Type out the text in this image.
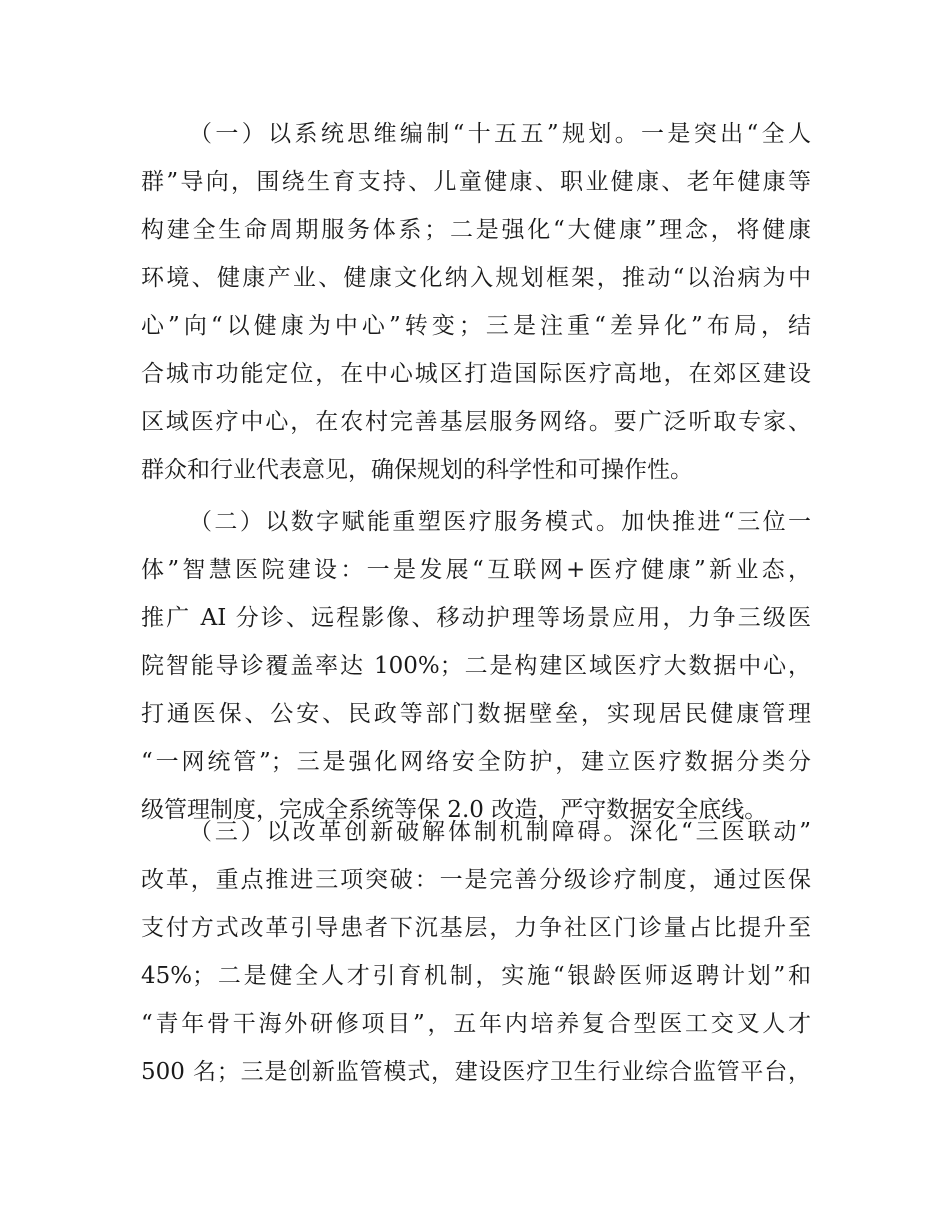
（一）以系统思维编制“十五五”规划。一是突出“全人
群”导向，围绕生育支持、儿童健康、职业健康、老年健康等
构建全生命周期服务体系；二是强化“大健康”理念，将健康
环境、健康产业、健康文化纳入规划框架，推动“以治病为中
心”向“以健康为中心”转变；三是注重“差异化”布局，结
合城市功能定位，在中心城区打造国际医疗高地，在郊区建设
区域医疗中心，在农村完善基层服务网络。要广泛听取专家、
群众和行业代表意见，确保规划的科学性和可操作性。
（二）以数字赋能重塑医疗服务模式。加快推进“三位一
体”智慧医院建设：一是发展“互联网+医疗健康”新业态，
推广 AI 分诊、远程影像、移动护理等场景应用，力争三级医
院智能导诊覆盖率达 100%；二是构建区域医疗大数据中心，
打通医保、公安、民政等部门数据壁垒，实现居民健康管理
“一网统管”；三是强化网络安全防护，建立医疗数据分类分
级管理制度，完成全系统等保 2.0 改造，严守数据安全底线。
（三）以改革创新破解体制机制障碍。深化“三医联动”
改革，重点推进三项突破：一是完善分级诊疗制度，通过医保
支付方式改革引导患者下沉基层，力争社区门诊量占比提升至
45%；二是健全人才引育机制，实施“银龄医师返聘计划”和
“青年骨干海外研修项目”，五年内培养复合型医工交叉人才
500 名；三是创新监管模式，建设医疗卫生行业综合监管平台，
